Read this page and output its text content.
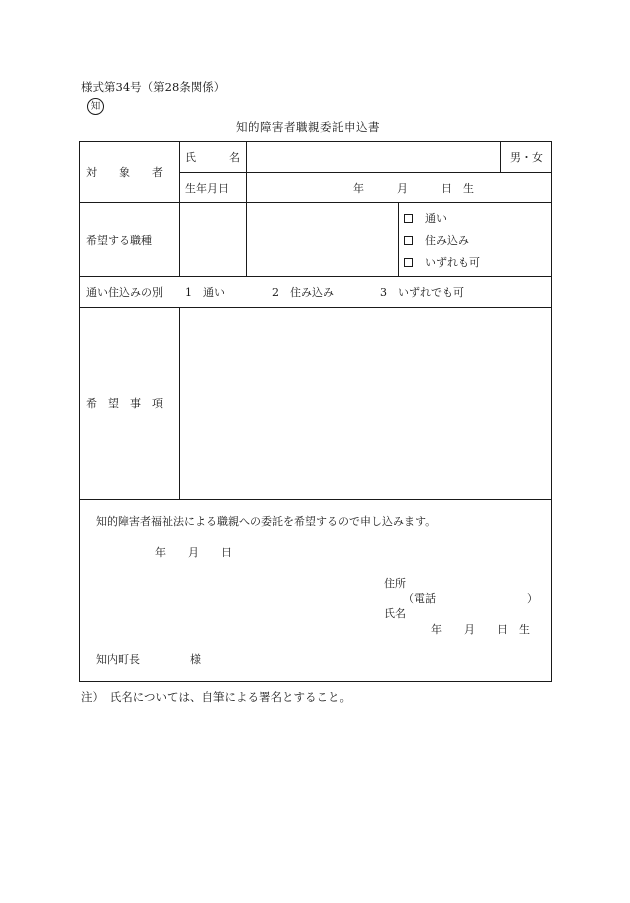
様式第34号（第28条関係）
知
知的障害者職親委託申込書
対　　象　　者
氏　　　名	男・女
生年月日	年　　　月　　　日　生
希望する職種
通い
住み込み
いずれも可
通い住込みの別 1　通い	2　住み込み	3　いずれでも可
希　望　事　項
知的障害者福祉法による職親への委託を希望するので申し込みます。
年　　月　　日
住所
（電話	）
氏名
年　　月　　日　生
知内町長	様
注）　氏名については、自筆による署名とすること。
